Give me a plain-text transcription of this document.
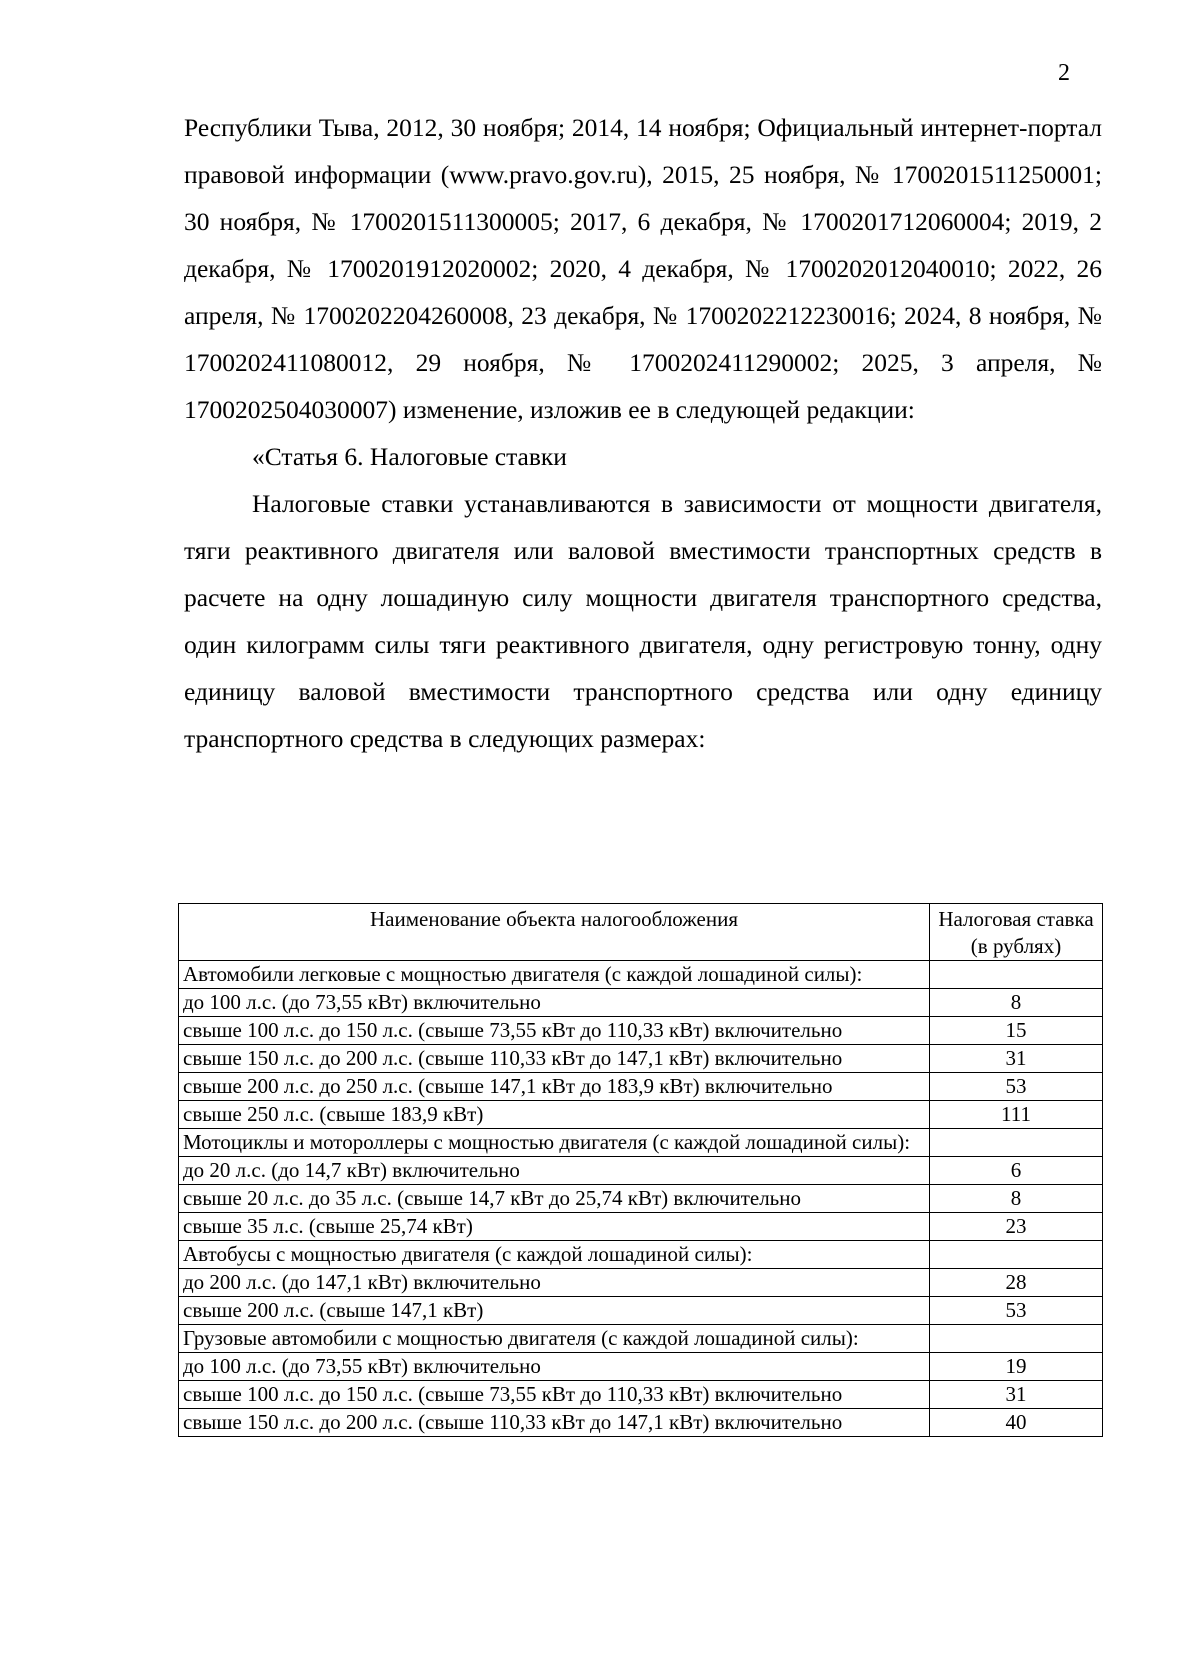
2

Республики Тыва, 2012, 30 ноября; 2014, 14 ноября; Официальный интернет-портал правовой информации (www.pravo.gov.ru), 2015, 25 ноября, № 1700201511250001; 30 ноября, № 1700201511300005; 2017, 6 декабря, № 1700201712060004; 2019, 2 декабря, № 1700201912020002; 2020, 4 декабря, № 1700202012040010; 2022, 26 апреля, № 1700202204260008, 23 декабря, № 1700202212230016; 2024, 8 ноября, № 1700202411080012, 29 ноября, № 1700202411290002; 2025, 3 апреля, № 1700202504030007) изменение, изложив ее в следующей редакции:

«Статья 6. Налоговые ставки

Налоговые ставки устанавливаются в зависимости от мощности двигателя, тяги реактивного двигателя или валовой вместимости транспортных средств в расчете на одну лошадиную силу мощности двигателя транспортного средства, один килограмм силы тяги реактивного двигателя, одну регистровую тонну, одну единицу валовой вместимости транспортного средства или одну единицу транспортного средства в следующих размерах:

Наименование объекта налогообложения	Налоговая ставка (в рублях)
Автомобили легковые с мощностью двигателя (с каждой лошадиной силы):	
до 100 л.с. (до 73,55 кВт) включительно	8
свыше 100 л.с. до 150 л.с. (свыше 73,55 кВт до 110,33 кВт) включительно	15
свыше 150 л.с. до 200 л.с. (свыше 110,33 кВт до 147,1 кВт) включительно	31
свыше 200 л.с. до 250 л.с. (свыше 147,1 кВт до 183,9 кВт) включительно	53
свыше 250 л.с. (свыше 183,9 кВт)	111
Мотоциклы и мотороллеры с мощностью двигателя (с каждой лошадиной силы):	
до 20 л.с. (до 14,7 кВт) включительно	6
свыше 20 л.с. до 35 л.с. (свыше 14,7 кВт до 25,74 кВт) включительно	8
свыше 35 л.с. (свыше 25,74 кВт)	23
Автобусы с мощностью двигателя (с каждой лошадиной силы):	
до 200 л.с. (до 147,1 кВт) включительно	28
свыше 200 л.с. (свыше 147,1 кВт)	53
Грузовые автомобили с мощностью двигателя (с каждой лошадиной силы):	
до 100 л.с. (до 73,55 кВт) включительно	19
свыше 100 л.с. до 150 л.с. (свыше 73,55 кВт до 110,33 кВт) включительно	31
свыше 150 л.с. до 200 л.с. (свыше 110,33 кВт до 147,1 кВт) включительно	40
